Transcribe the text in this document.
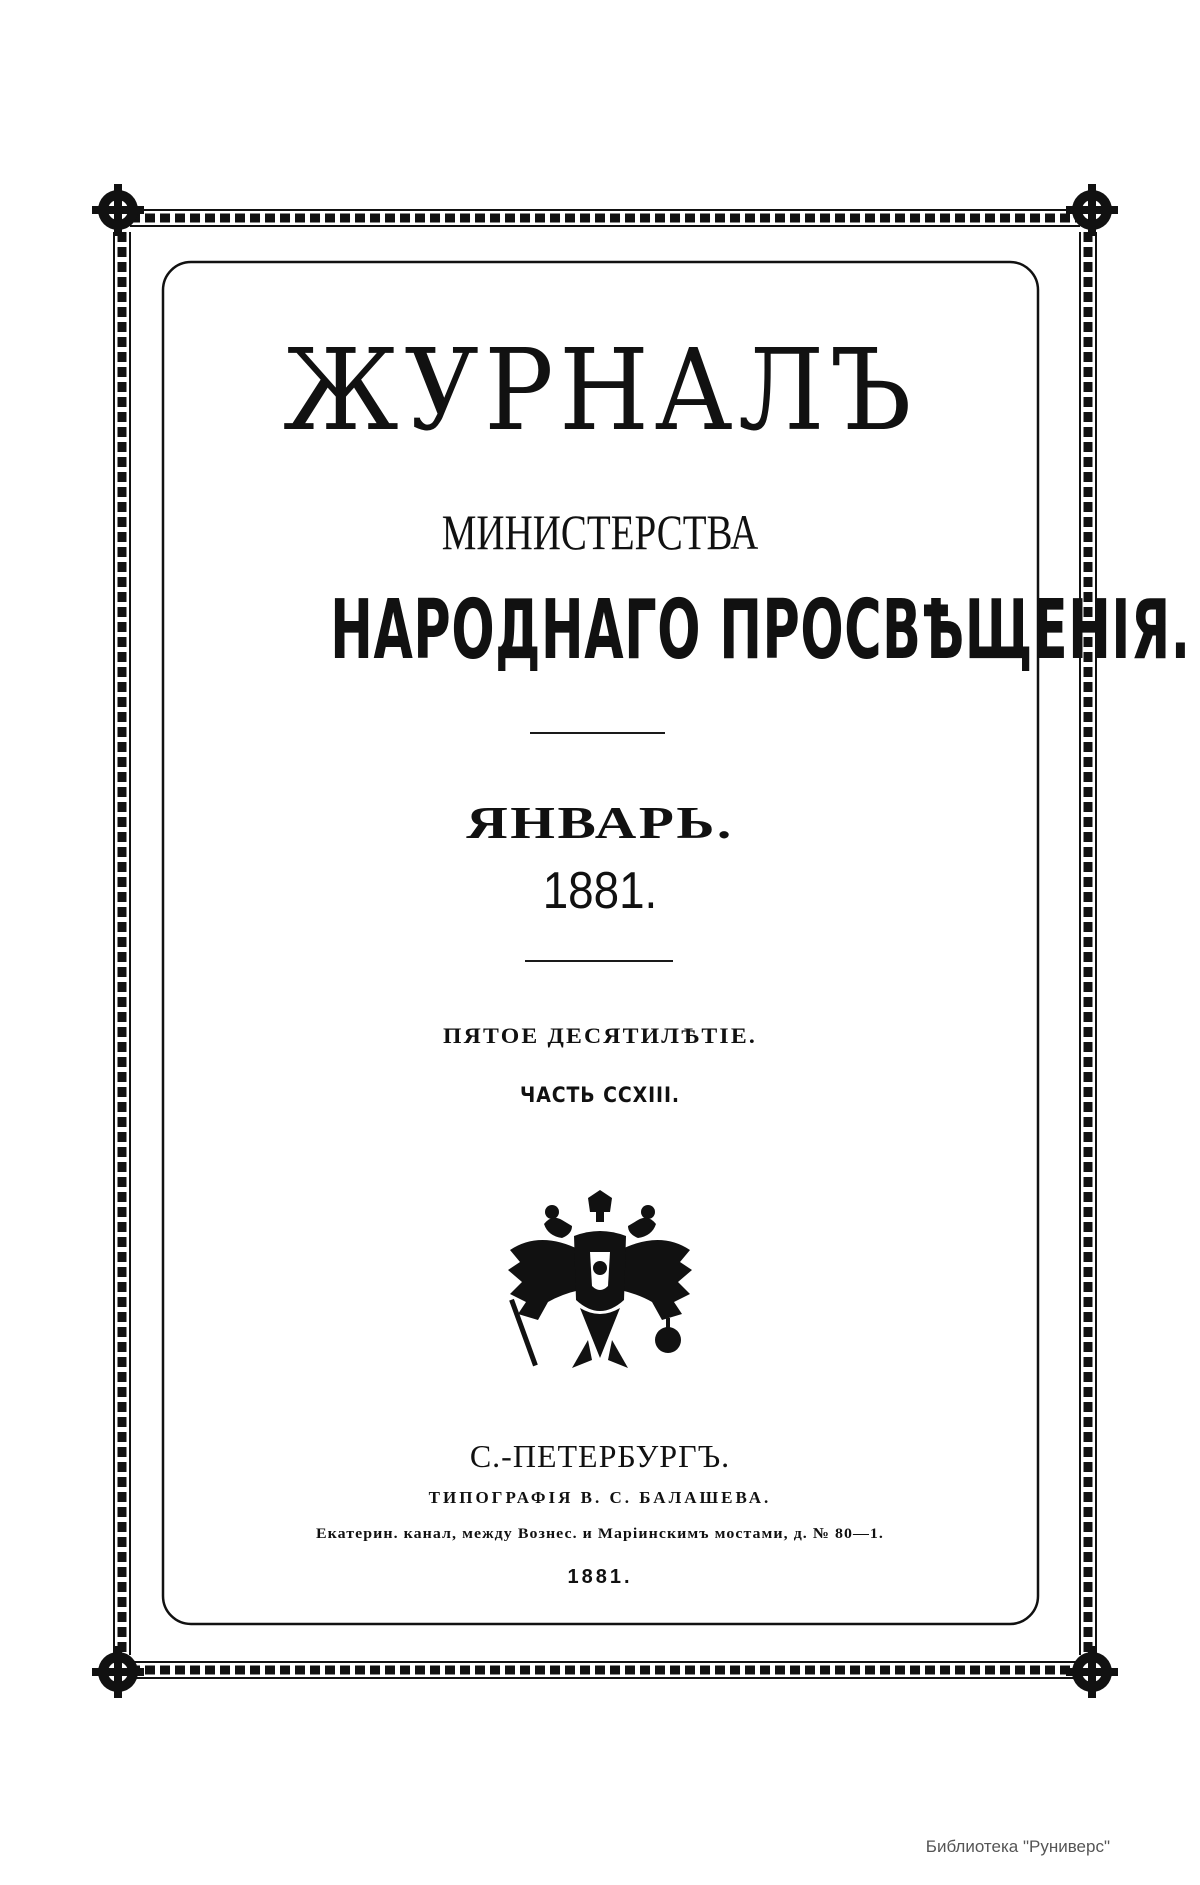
ЖУРНАЛЪ
МИНИСТЕРСТВА
НАРОДНАГО ПРОСВѢЩЕНIЯ.
ЯНВАРЬ.
1881.
ПЯТОЕ ДЕСЯТИЛѢТIЕ.
ЧАСТЬ CCXIII.
С.-ПЕТЕРБУРГЪ.
ТИПОГРАФIЯ В. С. БАЛАШЕВА.
Екатерин. канал, между Вознес. и Марiинскимъ мостами, д. № 80—1.
1881.
Библиотека "Руниверс"
